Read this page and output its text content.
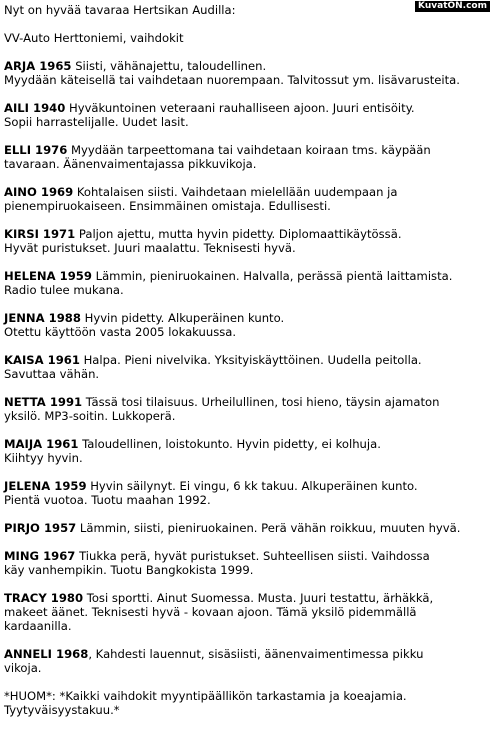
KuvatON.com
Nyt on hyvää tavaraa Hertsikan Audilla:
VV-Auto Herttoniemi, vaihdokit
ARJA 1965 Siisti, vähänajettu, taloudellinen.
Myydään käteisellä tai vaihdetaan nuorempaan. Talvitossut ym. lisävarusteita.
AILI 1940 Hyväkuntoinen veteraani rauhalliseen ajoon. Juuri entisöity.
Sopii harrastelijalle. Uudet lasit.
ELLI 1976 Myydään tarpeettomana tai vaihdetaan koiraan tms. käypään
tavaraan. Äänenvaimentajassa pikkuvikoja.
AINO 1969 Kohtalaisen siisti. Vaihdetaan mielellään uudempaan ja
pienempiruokaiseen. Ensimmäinen omistaja. Edullisesti.
KIRSI 1971 Paljon ajettu, mutta hyvin pidetty. Diplomaattikäytössä.
Hyvät puristukset. Juuri maalattu. Teknisesti hyvä.
HELENA 1959 Lämmin, pieniruokainen. Halvalla, perässä pientä laittamista.
Radio tulee mukana.
JENNA 1988 Hyvin pidetty. Alkuperäinen kunto.
Otettu käyttöön vasta 2005 lokakuussa.
KAISA 1961 Halpa. Pieni nivelvika. Yksityiskäyttöinen. Uudella peitolla.
Savuttaa vähän.
NETTA 1991 Tässä tosi tilaisuus. Urheilullinen, tosi hieno, täysin ajamaton
yksilö. MP3-soitin. Lukkoperä.
MAIJA 1961 Taloudellinen, loistokunto. Hyvin pidetty, ei kolhuja.
Kiihtyy hyvin.
JELENA 1959 Hyvin säilynyt. Ei vingu, 6 kk takuu. Alkuperäinen kunto.
Pientä vuotoa. Tuotu maahan 1992.
PIRJO 1957 Lämmin, siisti, pieniruokainen. Perä vähän roikkuu, muuten hyvä.
MING 1967 Tiukka perä, hyvät puristukset. Suhteellisen siisti. Vaihdossa
käy vanhempikin. Tuotu Bangkokista 1999.
TRACY 1980 Tosi sportti. Ainut Suomessa. Musta. Juuri testattu, ärhäkkä,
makeet äänet. Teknisesti hyvä - kovaan ajoon. Tämä yksilö pidemmällä
kardaanilla.
ANNELI 1968, Kahdesti lauennut, sisäsiisti, äänenvaimentimessa pikku
vikoja.
*HUOM*: *Kaikki vaihdokit myyntipäällikön tarkastamia ja koeajamia.
Tyytyväisyystakuu.*
